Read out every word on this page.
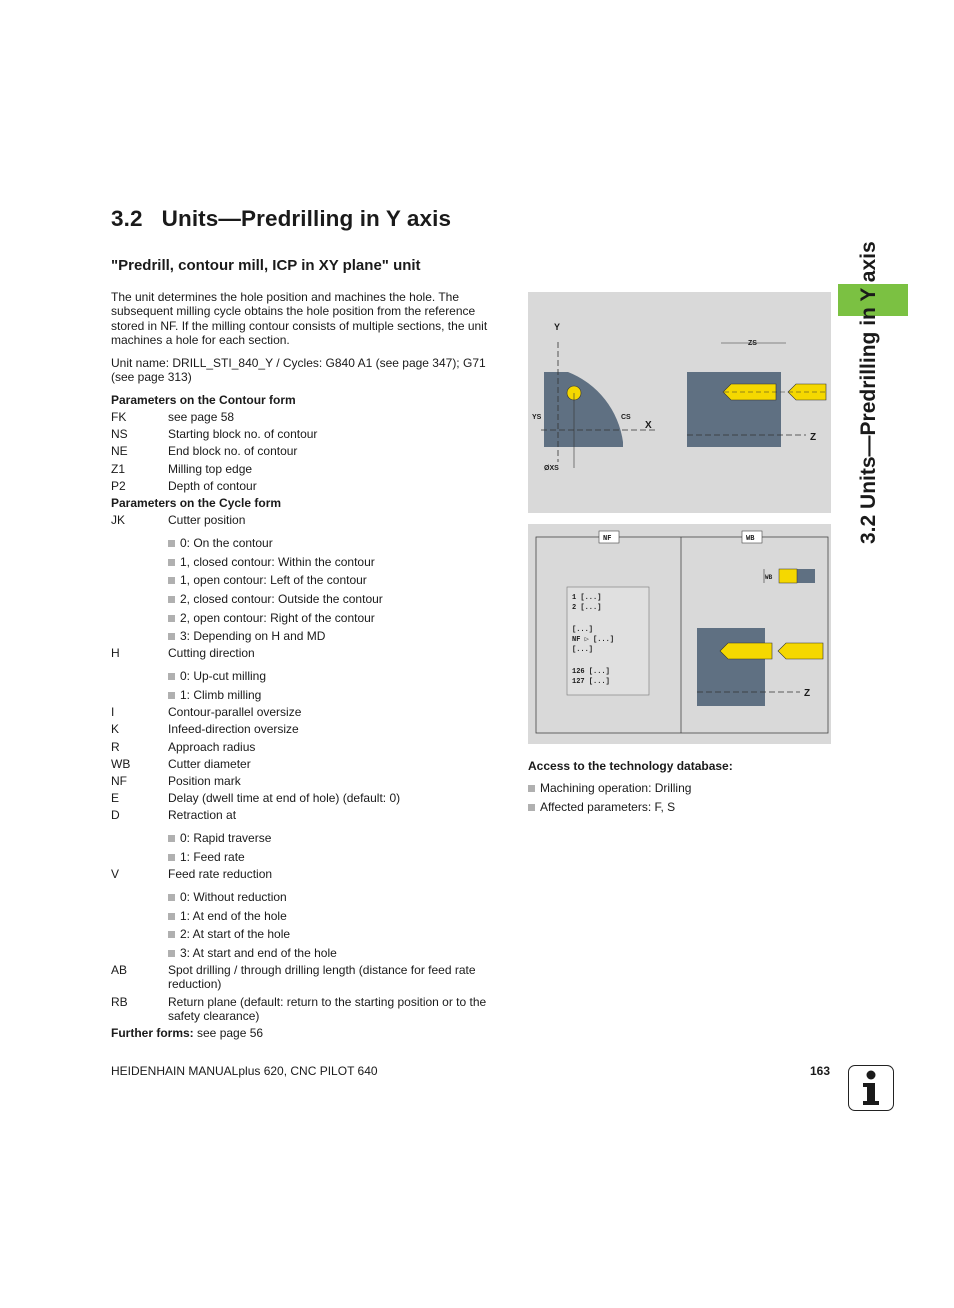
3.2 Units—Predrilling in Y axis
"Predrill, contour mill, ICP in XY plane" unit

The unit determines the hole position and machines the hole. The subsequent milling cycle obtains the hole position from the reference stored in NF. If the milling contour consists of multiple sections, the unit machines a hole for each section.

Unit name: DRILL_STI_840_Y / Cycles: G840 A1 (see page 347); G71 (see page 313)

Parameters on the Contour form
FK	see page 58
NS	Starting block no. of contour
NE	End block no. of contour
Z1	Milling top edge
P2	Depth of contour
Parameters on the Cycle form
JK	Cutter position
0: On the contour
1, closed contour: Within the contour
1, open contour: Left of the contour
2, closed contour: Outside the contour
2, open contour: Right of the contour
3: Depending on H and MD
H	Cutting direction
0: Up-cut milling
1: Climb milling
I	Contour-parallel oversize
K	Infeed-direction oversize
R	Approach radius
WB	Cutter diameter
NF	Position mark
E	Delay (dwell time at end of hole) (default: 0)
D	Retraction at
0: Rapid traverse
1: Feed rate
V	Feed rate reduction
0: Without reduction
1: At end of the hole
2: At start of the hole
3: At start and end of the hole
AB	Spot drilling / through drilling length (distance for feed rate reduction)
RB	Return plane (default: return to the starting position or to the safety clearance)
Further forms: see page 56
3.2 Units—Predrilling in Y axis
Y
X
YS	CS
ØXS
Z
ZS
NF	WB
1 [...]
2 [...]
[...]
NF ▷ [...]
[...]
126 [...]
127 [...]
WB
Z
Access to the technology database:
Machining operation: Drilling
Affected parameters: F, S
HEIDENHAIN MANUALplus 620, CNC PILOT 640	163
